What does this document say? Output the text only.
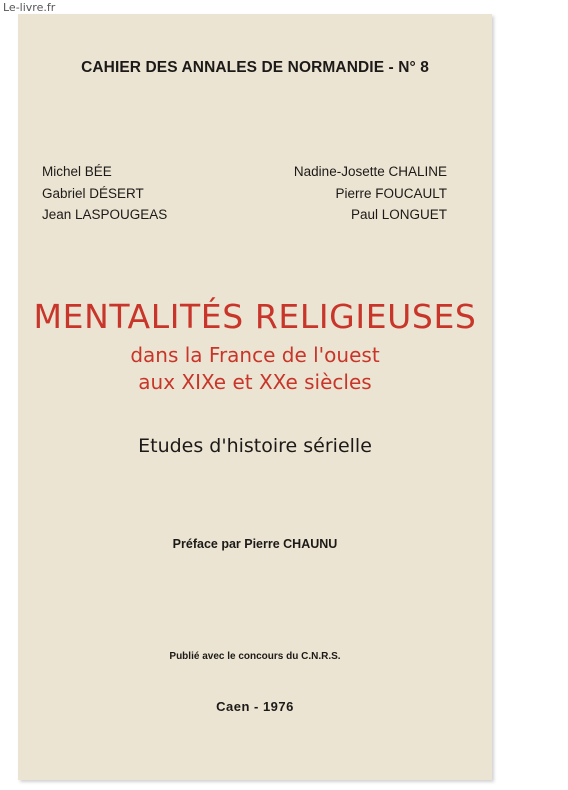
Le-livre.fr
CAHIER DES ANNALES DE NORMANDIE - N° 8
Michel BÉE
Gabriel DÉSERT
Jean LASPOUGEAS
Nadine-Josette CHALINE
Pierre FOUCAULT
Paul LONGUET
MENTALITÉS RELIGIEUSES
dans la France de l'ouest
aux XIXe et XXe siècles
Etudes d'histoire sérielle
Préface par Pierre CHAUNU
Publié avec le concours du C.N.R.S.
Caen - 1976
